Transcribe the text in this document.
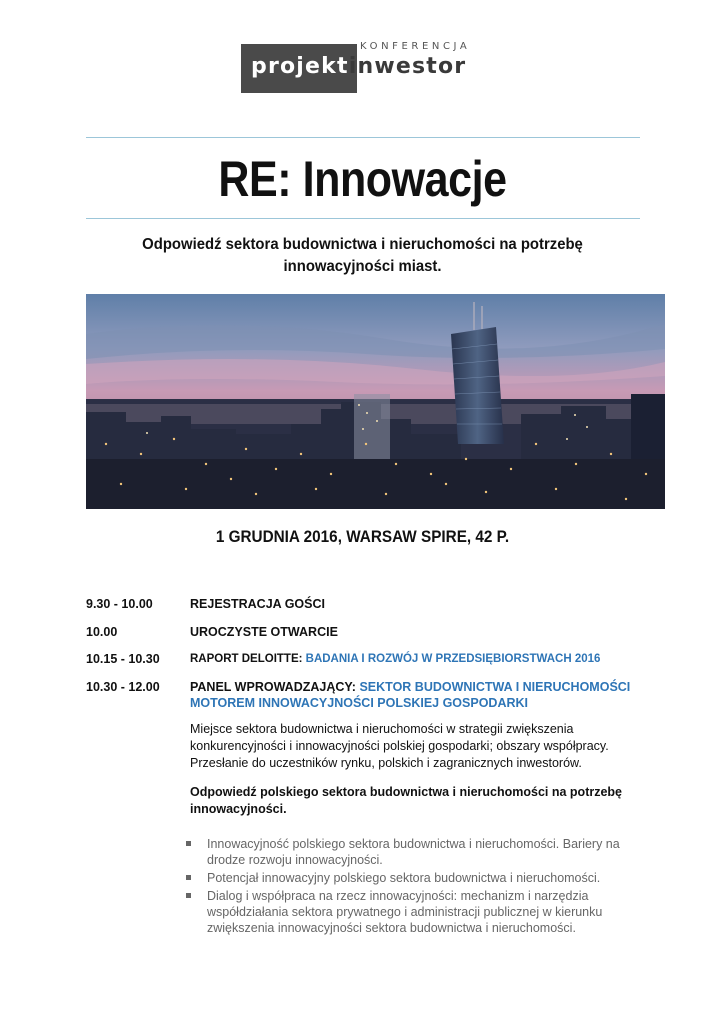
KONFERENCJA
projektinwestor
RE: Innowacje
Odpowiedź sektora budownictwa i nieruchomości na potrzebę innowacyjności miast.
1 GRUDNIA 2016, WARSAW SPIRE, 42 P.
9.30 - 10.00	REJESTRACJA GOŚCI
10.00	UROCZYSTE OTWARCIE
10.15 - 10.30	RAPORT DELOITTE: BADANIA I ROZWÓJ W PRZEDSIĘBIORSTWACH 2016
10.30 - 12.00	PANEL WPROWADZAJĄCY: SEKTOR BUDOWNICTWA I NIERUCHOMOŚCI MOTOREM INNOWACYJNOŚCI POLSKIEJ GOSPODARKI
Miejsce sektora budownictwa i nieruchomości w strategii zwiększenia konkurencyjności i innowacyjności polskiej gospodarki; obszary współpracy. Przesłanie do uczestników rynku, polskich i zagranicznych inwestorów.
Odpowiedź polskiego sektora budownictwa i nieruchomości na potrzebę innowacyjności.
Innowacyjność polskiego sektora budownictwa i nieruchomości. Bariery na drodze rozwoju innowacyjności.
Potencjał innowacyjny polskiego sektora budownictwa i nieruchomości.
Dialog i współpraca na rzecz innowacyjności: mechanizm i narzędzia współdziałania sektora prywatnego i administracji publicznej w kierunku zwiększenia innowacyjności sektora budownictwa i nieruchomości.
